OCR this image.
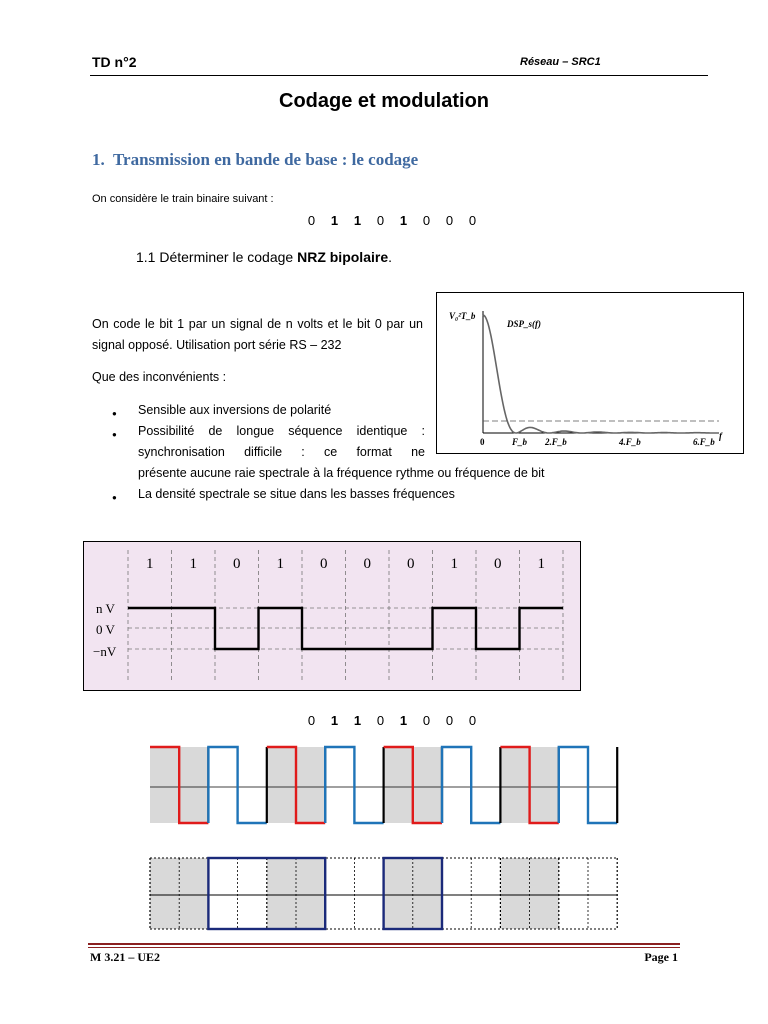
TD n°2	Réseau – SRC1
Codage et modulation
1. Transmission en bande de base : le codage
On considère le train binaire suivant :
0 1 1 0 1 0 0 0
1.1 Déterminer le codage NRZ bipolaire.
On code le bit 1 par un signal de n volts et le bit 0 par un signal opposé. Utilisation port série RS – 232
Que des inconvénients :
●	Sensible aux inversions de polarité
●	Possibilité de longue séquence identique :
synchronisation difficile : ce format ne
présente aucune raie spectrale à la fréquence rythme ou fréquence de bit
●	La densité spectrale se situe dans les basses fréquences
V₀²T_b
DSP_s(f)
0	F_b 2.F_b	4.F_b	6.F_b
f
1 1 0 1 0 0 0 1 0 1
n V
0 V
−nV
0 1 1 0 1 0 0 0
M 3.21 – UE2	Page 1
